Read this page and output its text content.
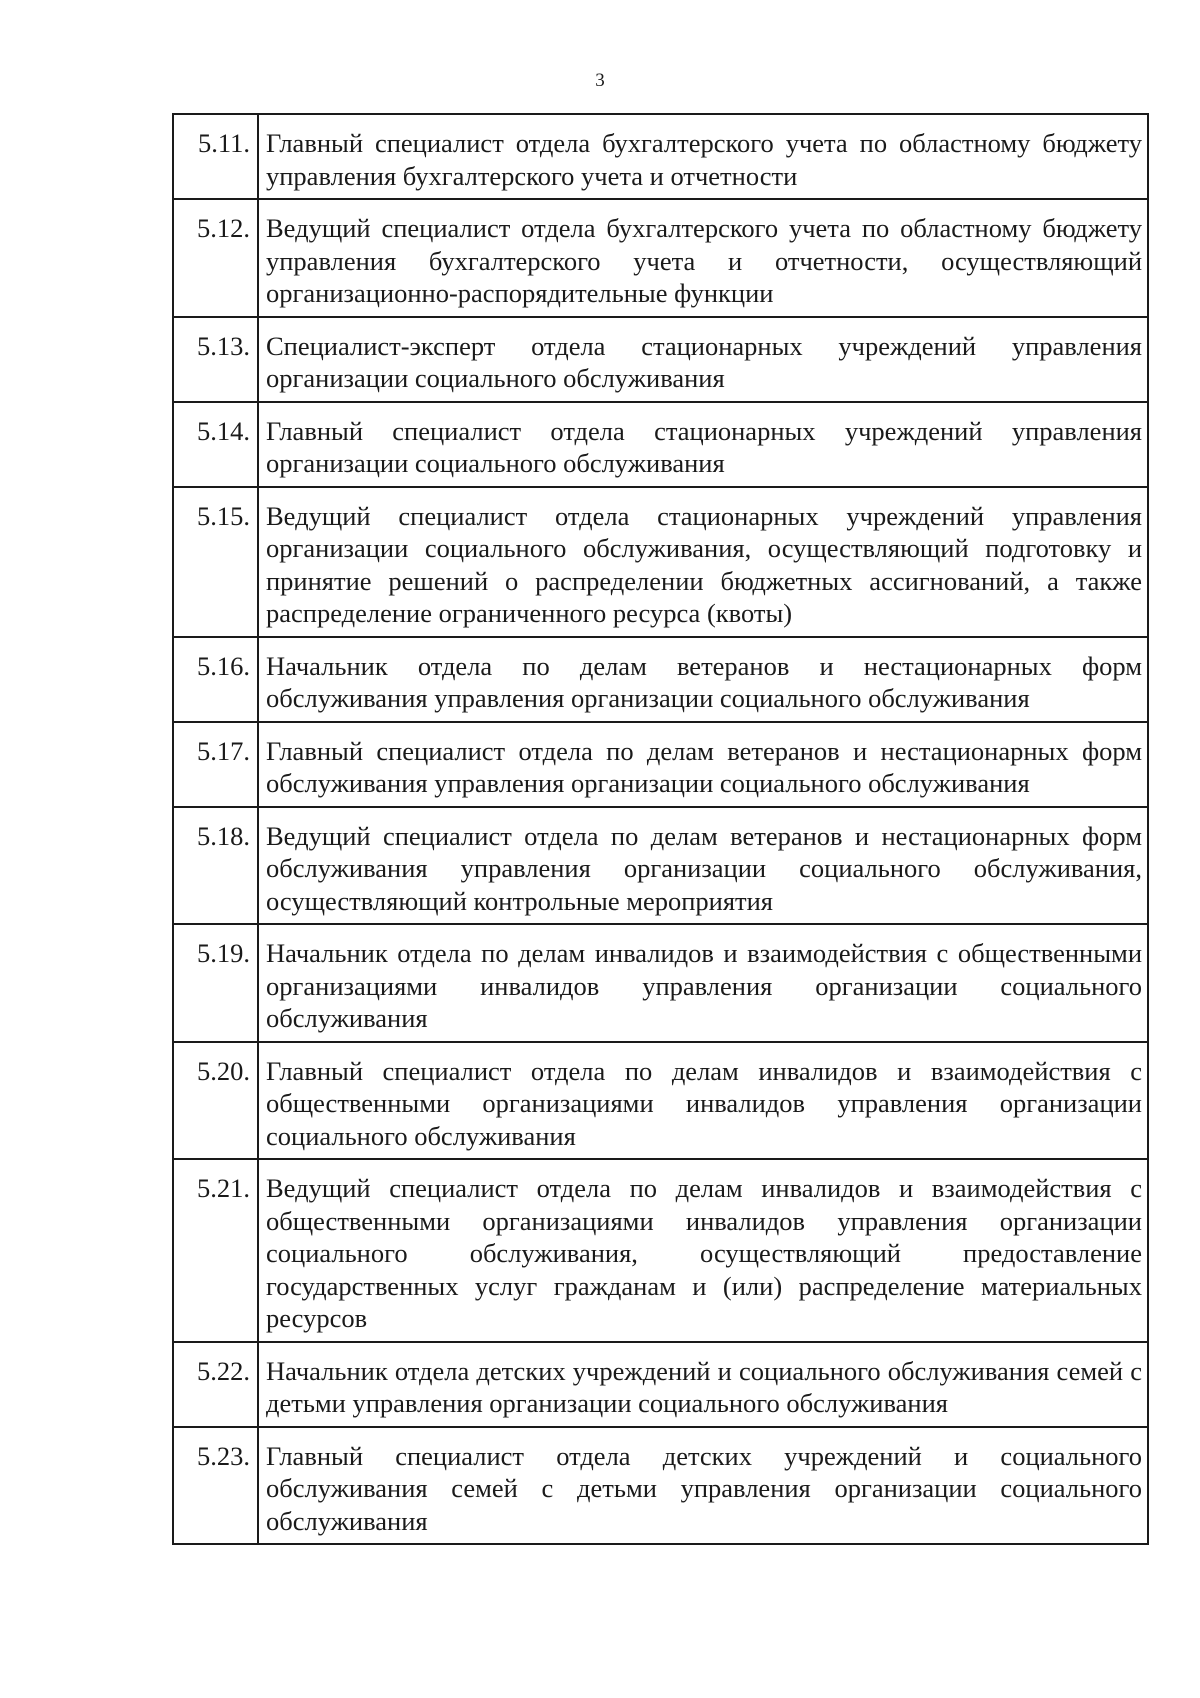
3
5.11.	Главный специалист отдела бухгалтерского учета по областному бюджету управления бухгалтерского учета и отчетности
5.12.	Ведущий специалист отдела бухгалтерского учета по областному бюджету управления бухгалтерского учета и отчетности, осуществляющий организационно-распорядительные функции
5.13.	Специалист-эксперт отдела стационарных учреждений управления организации социального обслуживания
5.14.	Главный специалист отдела стационарных учреждений управления организации социального обслуживания
5.15.	Ведущий специалист отдела стационарных учреждений управления организации социального обслуживания, осуществляющий подготовку и принятие решений о распределении бюджетных ассигнований, а также распределение ограниченного ресурса (квоты)
5.16.	Начальник отдела по делам ветеранов и нестационарных форм обслуживания управления организации социального обслуживания
5.17.	Главный специалист отдела по делам ветеранов и нестационарных форм обслуживания управления организации социального обслуживания
5.18.	Ведущий специалист отдела по делам ветеранов и нестационарных форм обслуживания управления организации социального обслуживания, осуществляющий контрольные мероприятия
5.19.	Начальник отдела по делам инвалидов и взаимодействия с общественными организациями инвалидов управления организации социального обслуживания
5.20.	Главный специалист отдела по делам инвалидов и взаимодействия с общественными организациями инвалидов управления организации социального обслуживания
5.21.	Ведущий специалист отдела по делам инвалидов и взаимодействия с общественными организациями инвалидов управления организации социального обслуживания, осуществляющий предоставление государственных услуг гражданам и (или) распределение материальных ресурсов
5.22.	Начальник отдела детских учреждений и социального обслуживания семей с детьми управления организации социального обслуживания
5.23.	Главный специалист отдела детских учреждений и социального обслуживания семей с детьми управления организации социального обслуживания
